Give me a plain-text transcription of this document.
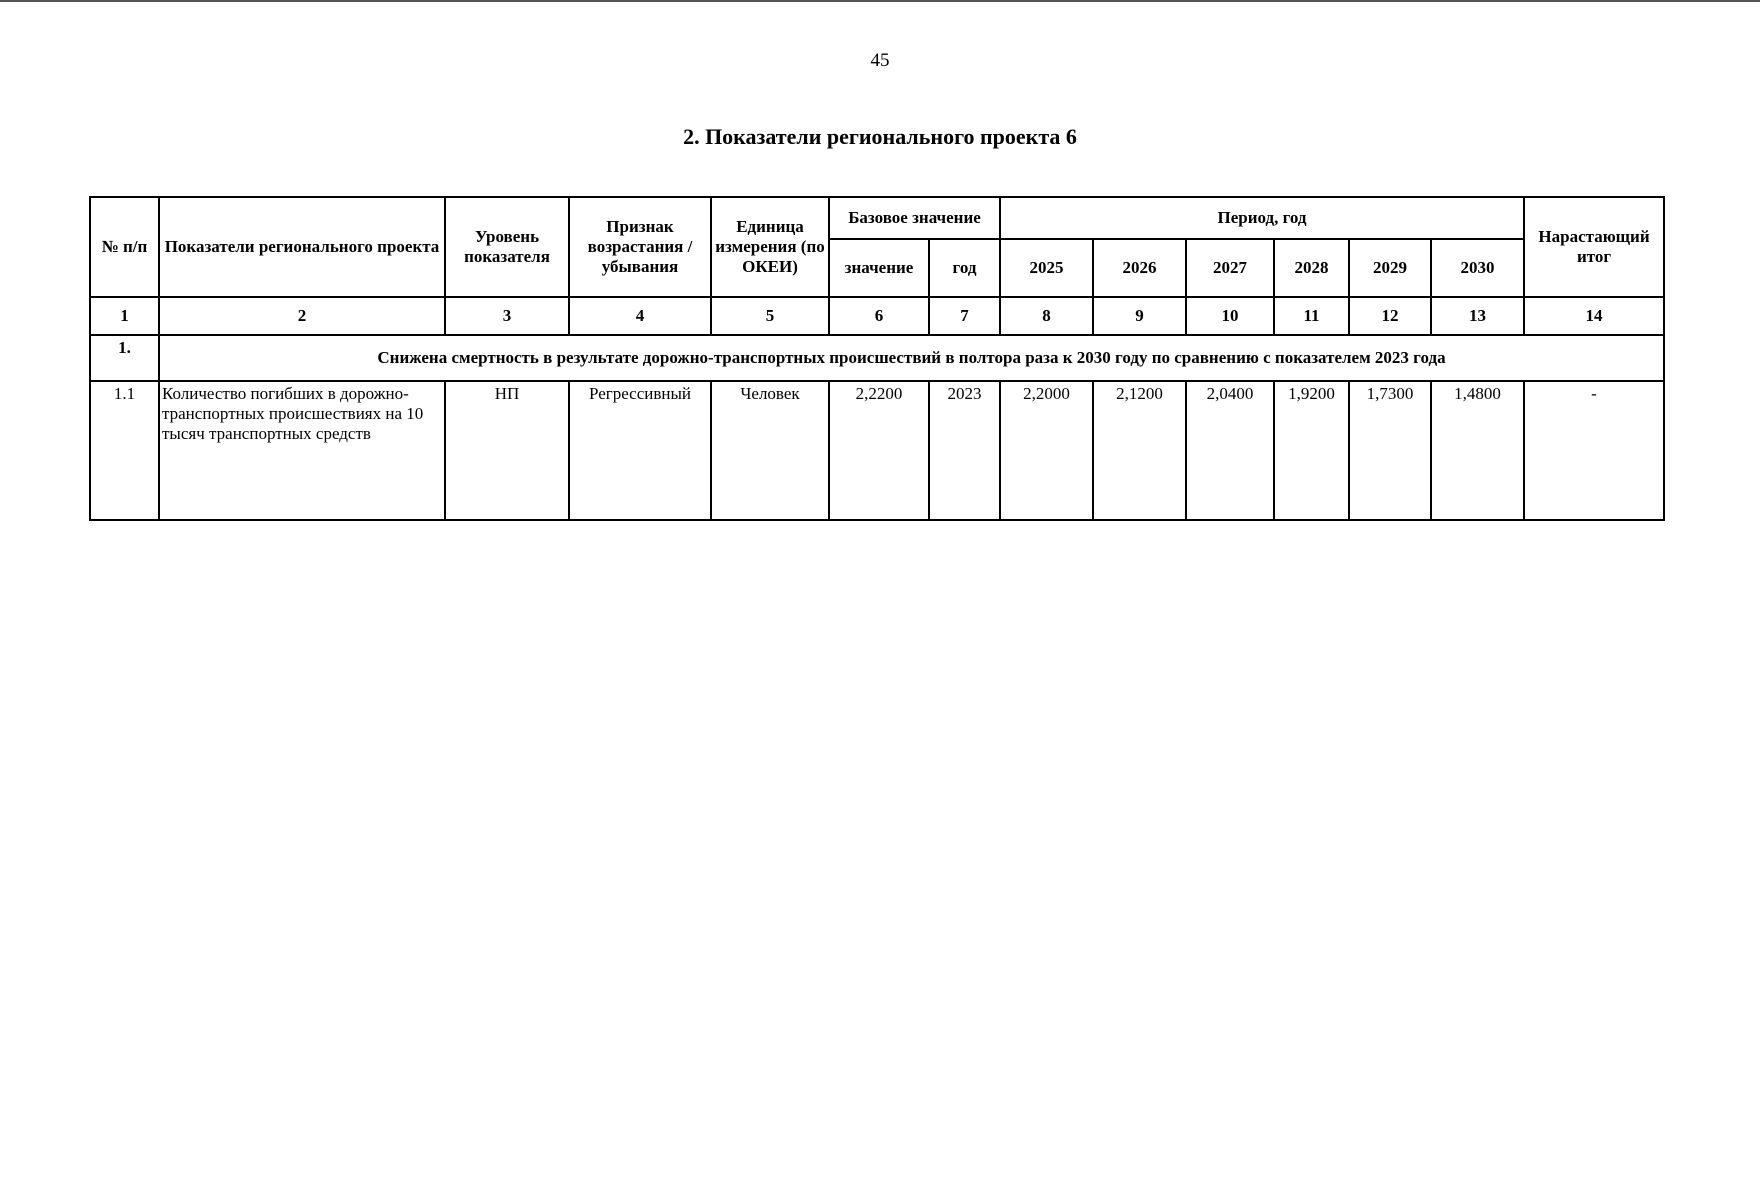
45
2. Показатели регионального проекта 6
№ п/п	Показатели регионального проекта	Уровень показателя	Признак возрастания / убывания	Единица измерения (по ОКЕИ)	Базовое значение		Период, год						Нарастающий итог
					значение	год	2025	2026	2027	2028	2029	2030	
1	2	3	4	5	6	7	8	9	10	11	12	13	14
1.	Снижена смертность в результате дорожно-транспортных происшествий в полтора раза к 2030 году по сравнению с показателем 2023 года												
1.1	Количество погибших в дорожно-транспортных происшествиях на 10 тысяч транспортных средств	НП	Регрессивный	Человек	2,2200	2023	2,2000	2,1200	2,0400	1,9200	1,7300	1,4800	-
